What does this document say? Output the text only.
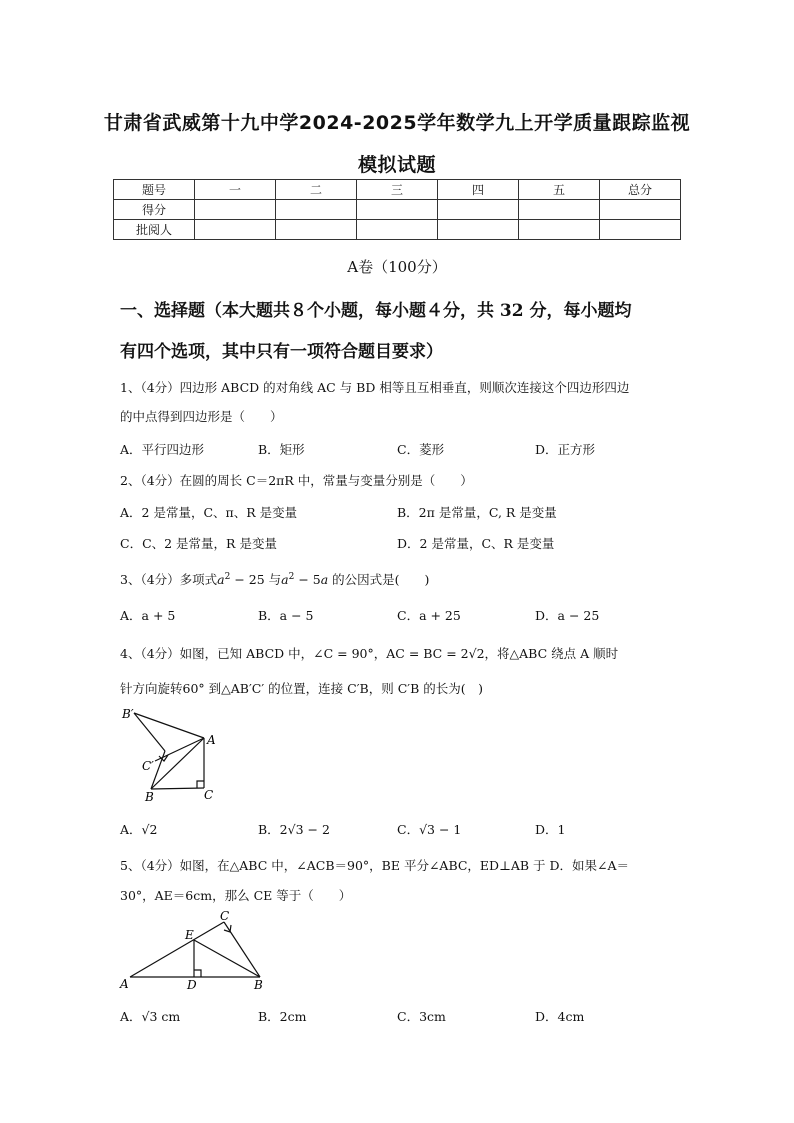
甘肃省武威第十九中学2024-2025学年数学九上开学质量跟踪监视
模拟试题
题号	一	二	三	四	五	总分
得分						
批阅人						
A卷（100分）
一、选择题（本大题共８个小题，每小题４分，共 32 分，每小题均
有四个选项，其中只有一项符合题目要求）
1、（4分）四边形 ABCD 的对角线 AC 与 BD 相等且互相垂直，则顺次连接这个四边形四边
的中点得到四边形是（　　）
A．平行四边形	B．矩形	C．菱形	D．正方形
2、（4分）在圆的周长 C＝2πR 中，常量与变量分别是（　　）
A．2 是常量，C、π、R 是变量	B．2π 是常量，C, R 是变量
C．C、2 是常量，R 是变量	D．2 是常量，C、R 是变量
3、（4分）多项式$a^2 - 25$ 与$a^2 - 5a$ 的公因式是(　　)
A．a + 5	B．a − 5	C．a + 25	D．a − 25
4、（4分）如图，已知 ABCD 中，∠C = 90°，AC = BC = 2√2，将△ABC 绕点 A 顺时
针方向旋转60° 到△AB′C′ 的位置，连接 C′B，则 C′B 的长为(　)
B′
A
C′
B	C
A．√2	B．2√3 − 2	C．√3 − 1	D．1
5、（4分）如图，在△ABC 中，∠ACB＝90°，BE 平分∠ABC，ED⊥AB 于 D．如果∠A＝
30°，AE＝6cm，那么 CE 等于（　　）
C
E
A	D	B
A．√3 cm	B．2cm	C．3cm	D．4cm
